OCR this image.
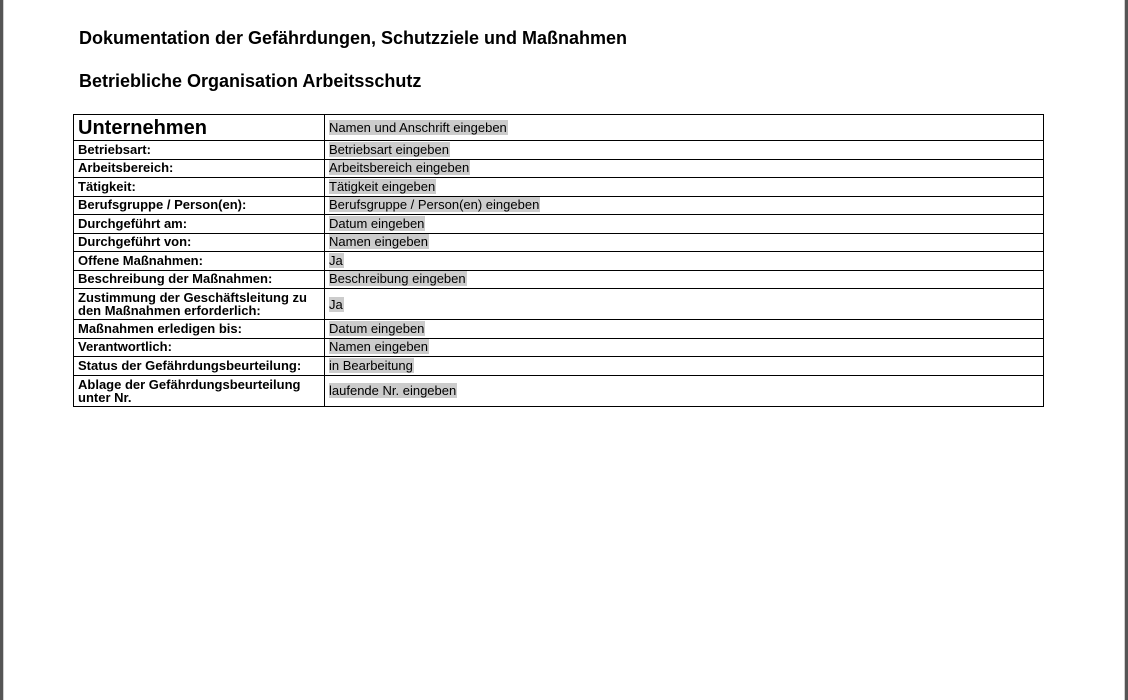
Dokumentation der Gefährdungen, Schutzziele und Maßnahmen
Betriebliche Organisation Arbeitsschutz
Unternehmen	Namen und Anschrift eingeben
Betriebsart:	Betriebsart eingeben
Arbeitsbereich:	Arbeitsbereich eingeben
Tätigkeit:	Tätigkeit eingeben
Berufsgruppe / Person(en):	Berufsgruppe / Person(en) eingeben
Durchgeführt am:	Datum eingeben
Durchgeführt von:	Namen eingeben
Offene Maßnahmen:	Ja
Beschreibung der Maßnahmen:	Beschreibung eingeben
Zustimmung der Geschäftsleitung zu den Maßnahmen erforderlich:	Ja
Maßnahmen erledigen bis:	Datum eingeben
Verantwortlich:	Namen eingeben
Status der Gefährdungsbeurteilung:	in Bearbeitung
Ablage der Gefährdungsbeurteilung unter Nr.	laufende Nr. eingeben
